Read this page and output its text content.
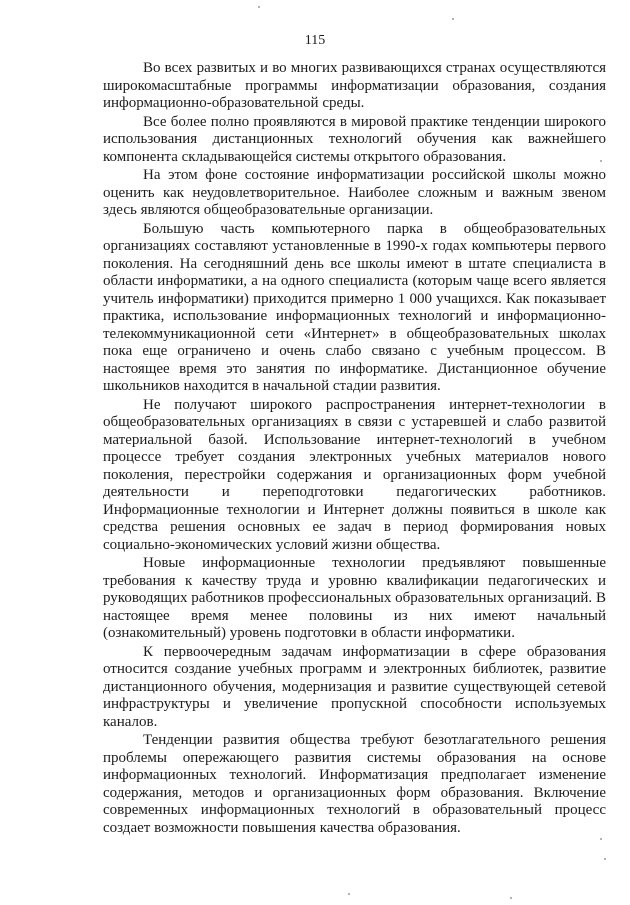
115

Во всех развитых и во многих развивающихся странах осуществляются широкомасштабные программы информатизации образования, создания информационно-образовательной среды.

Все более полно проявляются в мировой практике тенденции широкого использования дистанционных технологий обучения как важнейшего компонента складывающейся системы открытого образования.

На этом фоне состояние информатизации российской школы можно оценить как неудовлетворительное. Наиболее сложным и важным звеном здесь являются общеобразовательные организации.

Большую часть компьютерного парка в общеобразовательных организациях составляют установленные в 1990-х годах компьютеры первого поколения. На сегодняшний день все школы имеют в штате специалиста в области информатики, а на одного специалиста (которым чаще всего является учитель информатики) приходится примерно 1 000 учащихся. Как показывает практика, использование информационных технологий и информационно-телекоммуникационной сети «Интернет» в общеобразовательных школах пока еще ограничено и очень слабо связано с учебным процессом. В настоящее время это занятия по информатике. Дистанционное обучение школьников находится в начальной стадии развития.

Не получают широкого распространения интернет-технологии в общеобразовательных организациях в связи с устаревшей и слабо развитой материальной базой. Использование интернет-технологий в учебном процессе требует создания электронных учебных материалов нового поколения, перестройки содержания и организационных форм учебной деятельности и переподготовки педагогических работников. Информационные технологии и Интернет должны появиться в школе как средства решения основных ее задач в период формирования новых социально-экономических условий жизни общества.

Новые информационные технологии предъявляют повышенные требования к качеству труда и уровню квалификации педагогических и руководящих работников профессиональных образовательных организаций. В настоящее время менее половины из них имеют начальный (ознакомительный) уровень подготовки в области информатики.

К первоочередным задачам информатизации в сфере образования относится создание учебных программ и электронных библиотек, развитие дистанционного обучения, модернизация и развитие существующей сетевой инфраструктуры и увеличение пропускной способности используемых каналов.

Тенденции развития общества требуют безотлагательного решения проблемы опережающего развития системы образования на основе информационных технологий. Информатизация предполагает изменение содержания, методов и организационных форм образования. Включение современных информационных технологий в образовательный процесс создает возможности повышения качества образования.
